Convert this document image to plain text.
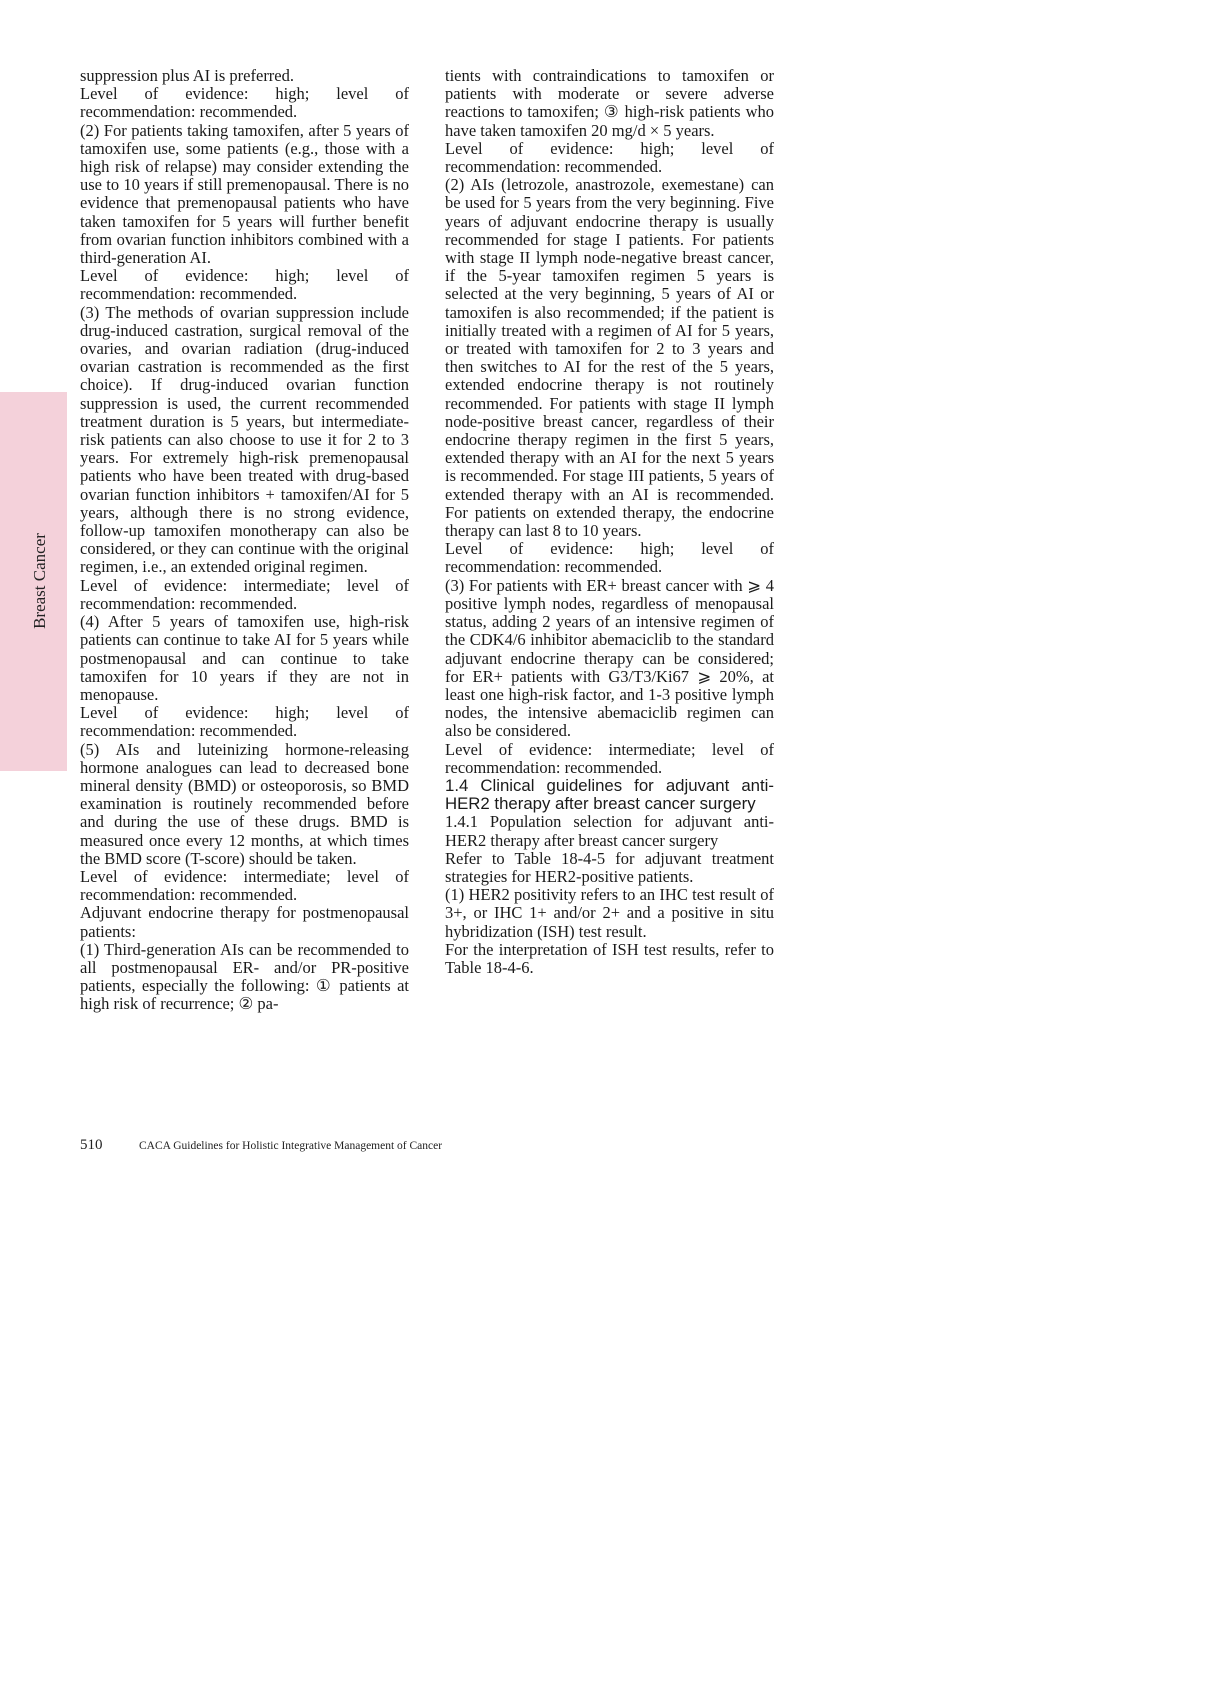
Breast Cancer

suppression plus AI is preferred.

Level of evidence: high; level of recommendation: recommended.

(2) For patients taking tamoxifen, after 5 years of tamoxifen use, some patients (e.g., those with a high risk of relapse) may consider extending the use to 10 years if still premenopausal. There is no evidence that premenopausal patients who have taken tamoxifen for 5 years will further benefit from ovarian function inhibitors combined with a third-generation AI.

Level of evidence: high; level of recommendation: recommended.

(3) The methods of ovarian suppression include drug-induced castration, surgical removal of the ovaries, and ovarian radiation (drug-induced ovarian castration is recommended as the first choice). If drug-induced ovarian function suppression is used, the current recommended treatment duration is 5 years, but intermediate-risk patients can also choose to use it for 2 to 3 years. For extremely high-risk premenopausal patients who have been treated with drug-based ovarian function inhibitors + tamoxifen/AI for 5 years, although there is no strong evidence, follow-up tamoxifen monotherapy can also be considered, or they can continue with the original regimen, i.e., an extended original regimen.

Level of evidence: intermediate; level of recommendation: recommended.

(4) After 5 years of tamoxifen use, high-risk patients can continue to take AI for 5 years while postmenopausal and can continue to take tamoxifen for 10 years if they are not in menopause.

Level of evidence: high; level of recommendation: recommended.

(5) AIs and luteinizing hormone-releasing hormone analogues can lead to decreased bone mineral density (BMD) or osteoporosis, so BMD examination is routinely recommended before and during the use of these drugs. BMD is measured once every 12 months, at which times the BMD score (T-score) should be taken.

Level of evidence: intermediate; level of recommendation: recommended.

Adjuvant endocrine therapy for postmenopausal patients:

(1) Third-generation AIs can be recommended to all postmenopausal ER- and/or PR-positive patients, especially the following: ① patients at high risk of recurrence; ② pa-

tients with contraindications to tamoxifen or patients with moderate or severe adverse reactions to tamoxifen; ③ high-risk patients who have taken tamoxifen 20 mg/d × 5 years.

Level of evidence: high; level of recommendation: recommended.

(2) AIs (letrozole, anastrozole, exemestane) can be used for 5 years from the very beginning. Five years of adjuvant endocrine therapy is usually recommended for stage I patients. For patients with stage II lymph node-negative breast cancer, if the 5-year tamoxifen regimen 5 years is selected at the very beginning, 5 years of AI or tamoxifen is also recommended; if the patient is initially treated with a regimen of AI for 5 years, or treated with tamoxifen for 2 to 3 years and then switches to AI for the rest of the 5 years, extended endocrine therapy is not routinely recommended. For patients with stage II lymph node-positive breast cancer, regardless of their endocrine therapy regimen in the first 5 years, extended therapy with an AI for the next 5 years is recommended. For stage III patients, 5 years of extended therapy with an AI is recommended. For patients on extended therapy, the endocrine therapy can last 8 to 10 years.

Level of evidence: high; level of recommendation: recommended.

(3) For patients with ER+ breast cancer with ⩾ 4 positive lymph nodes, regardless of menopausal status, adding 2 years of an intensive regimen of the CDK4/6 inhibitor abemaciclib to the standard adjuvant endocrine therapy can be considered; for ER+ patients with G3/T3/Ki67 ⩾ 20%, at least one high-risk factor, and 1-3 positive lymph nodes, the intensive abemaciclib regimen can also be considered.

Level of evidence: intermediate; level of recommendation: recommended.

1.4 Clinical guidelines for adjuvant anti-HER2 therapy after breast cancer surgery

1.4.1 Population selection for adjuvant anti-HER2 therapy after breast cancer surgery

Refer to Table 18-4-5 for adjuvant treatment strategies for HER2-positive patients.

(1) HER2 positivity refers to an IHC test result of 3+, or IHC 1+ and/or 2+ and a positive in situ hybridization (ISH) test result.

For the interpretation of ISH test results, refer to Table 18-4-6.

510	CACA Guidelines for Holistic Integrative Management of Cancer
